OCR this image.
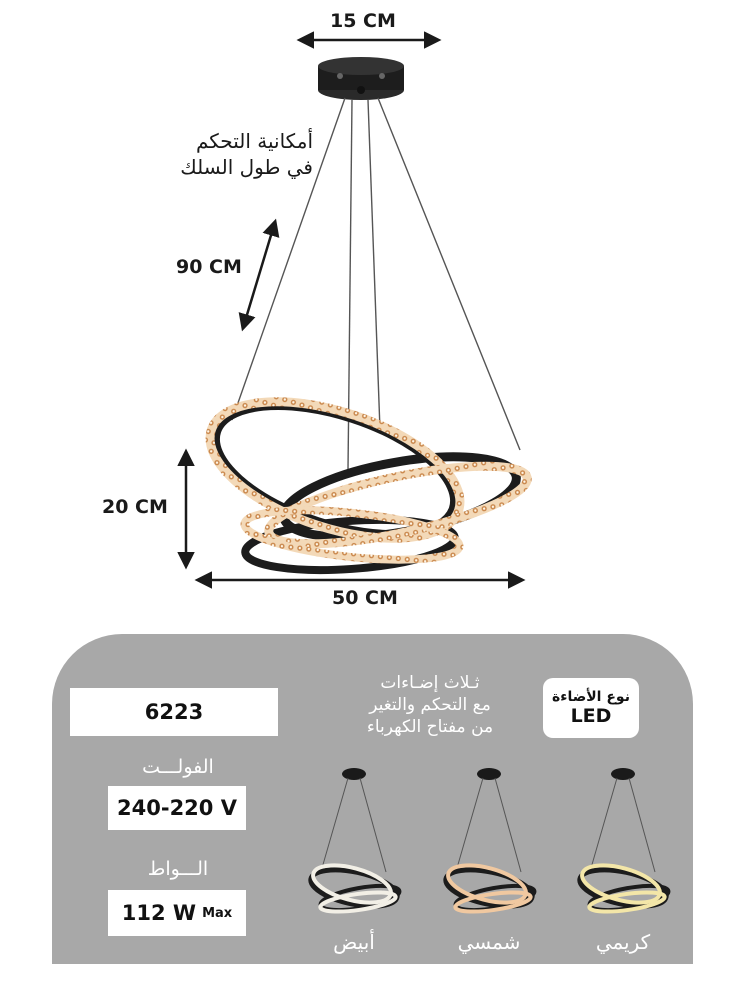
15 CM
90 CM
20 CM
50 CM
أمكانية التحكم
في طول السلك
6223
الفولـــت
240-220 V
الـــواط
112 W Max
ثـلاث إضـاءات
مع التحكم والتغير
من مفتاح الكهرباء
نوع الأضاءة
LED
أبيض	شمسي	كريمي
